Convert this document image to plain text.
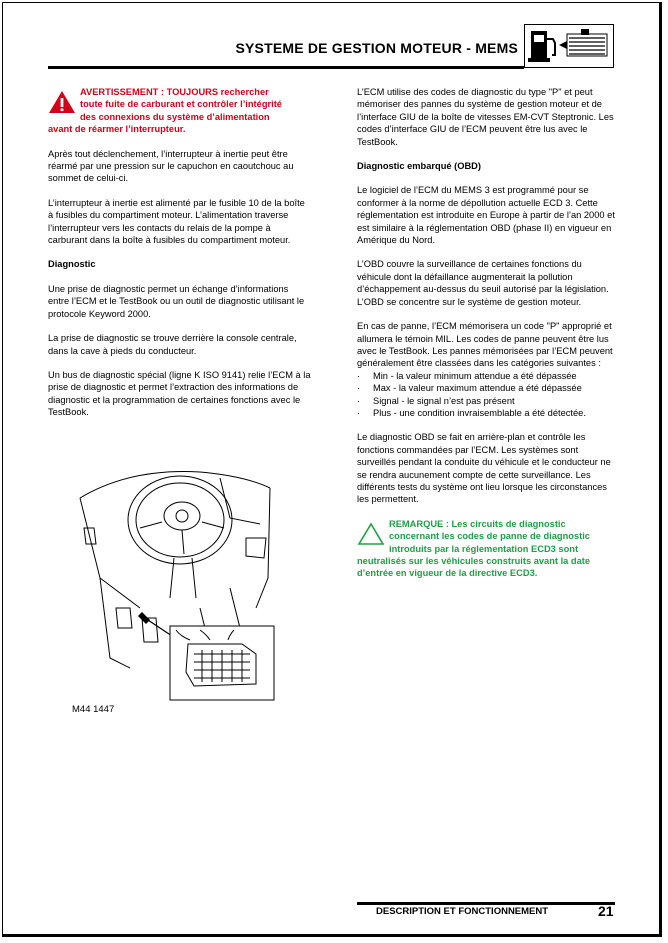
SYSTEME DE GESTION MOTEUR - MEMS
AVERTISSEMENT : TOUJOURS rechercher
toute fuite de carburant et contrôler l’intégrité
des connexions du système d’alimentation
avant de réarmer l’interrupteur.

Après tout déclenchement, l’interrupteur à inertie peut être réarmé par une pression sur le capuchon en caoutchouc au sommet de celui-ci.

L’interrupteur à inertie est alimenté par le fusible 10 de la boîte à fusibles du compartiment moteur. L’alimentation traverse l’interrupteur vers les contacts du relais de la pompe à carburant dans la boîte à fusibles du compartiment moteur.

Diagnostic

Une prise de diagnostic permet un échange d’informations entre l’ECM et le TestBook ou un outil de diagnostic utilisant le protocole Keyword 2000.

La prise de diagnostic se trouve derrière la console centrale, dans la cave à pieds du conducteur.

Un bus de diagnostic spécial (ligne K ISO 9141) relie l’ECM à la prise de diagnostic et permet l’extraction des informations de diagnostic et la programmation de certaines fonctions avec le TestBook.

M44 1447

L’ECM utilise des codes de diagnostic du type "P" et peut mémoriser des pannes du système de gestion moteur et de l’interface GIU de la boîte de vitesses EM-CVT Steptronic. Les codes d’interface GIU de l’ECM peuvent être lus avec le TestBook.

Diagnostic embarqué (OBD)

Le logiciel de l’ECM du MEMS 3 est programmé pour se conformer à la norme de dépollution actuelle ECD 3. Cette réglementation est introduite en Europe à partir de l’an 2000 et est similaire à la réglementation OBD (phase II) en vigueur en Amérique du Nord.

L’OBD couvre la surveillance de certaines fonctions du véhicule dont la défaillance augmenterait la pollution d’échappement au-dessus du seuil autorisé par la législation. L’OBD se concentre sur le système de gestion moteur.

En cas de panne, l’ECM mémorisera un code "P" approprié et allumera le témoin MIL. Les codes de panne peuvent être lus avec le TestBook. Les pannes mémorisées par l’ECM peuvent généralement être classées dans les catégories suivantes :

· Min - la valeur minimum attendue a été dépassée
· Max - la valeur maximum attendue a été dépassée
· Signal - le signal n’est pas présent
· Plus - une condition invraisemblable a été détectée.

Le diagnostic OBD se fait en arrière-plan et contrôle les fonctions commandées par l’ECM. Les systèmes sont surveillés pendant la conduite du véhicule et le conducteur ne se rendra aucunement compte de cette surveillance. Les différents tests du système ont lieu lorsque les circonstances les permettent.

REMARQUE : Les circuits de diagnostic
concernant les codes de panne de diagnostic
introduits par la réglementation ECD3 sont
neutralisés sur les véhicules construits avant la date d’entrée en vigueur de la directive ECD3.
DESCRIPTION ET FONCTIONNEMENT	21
